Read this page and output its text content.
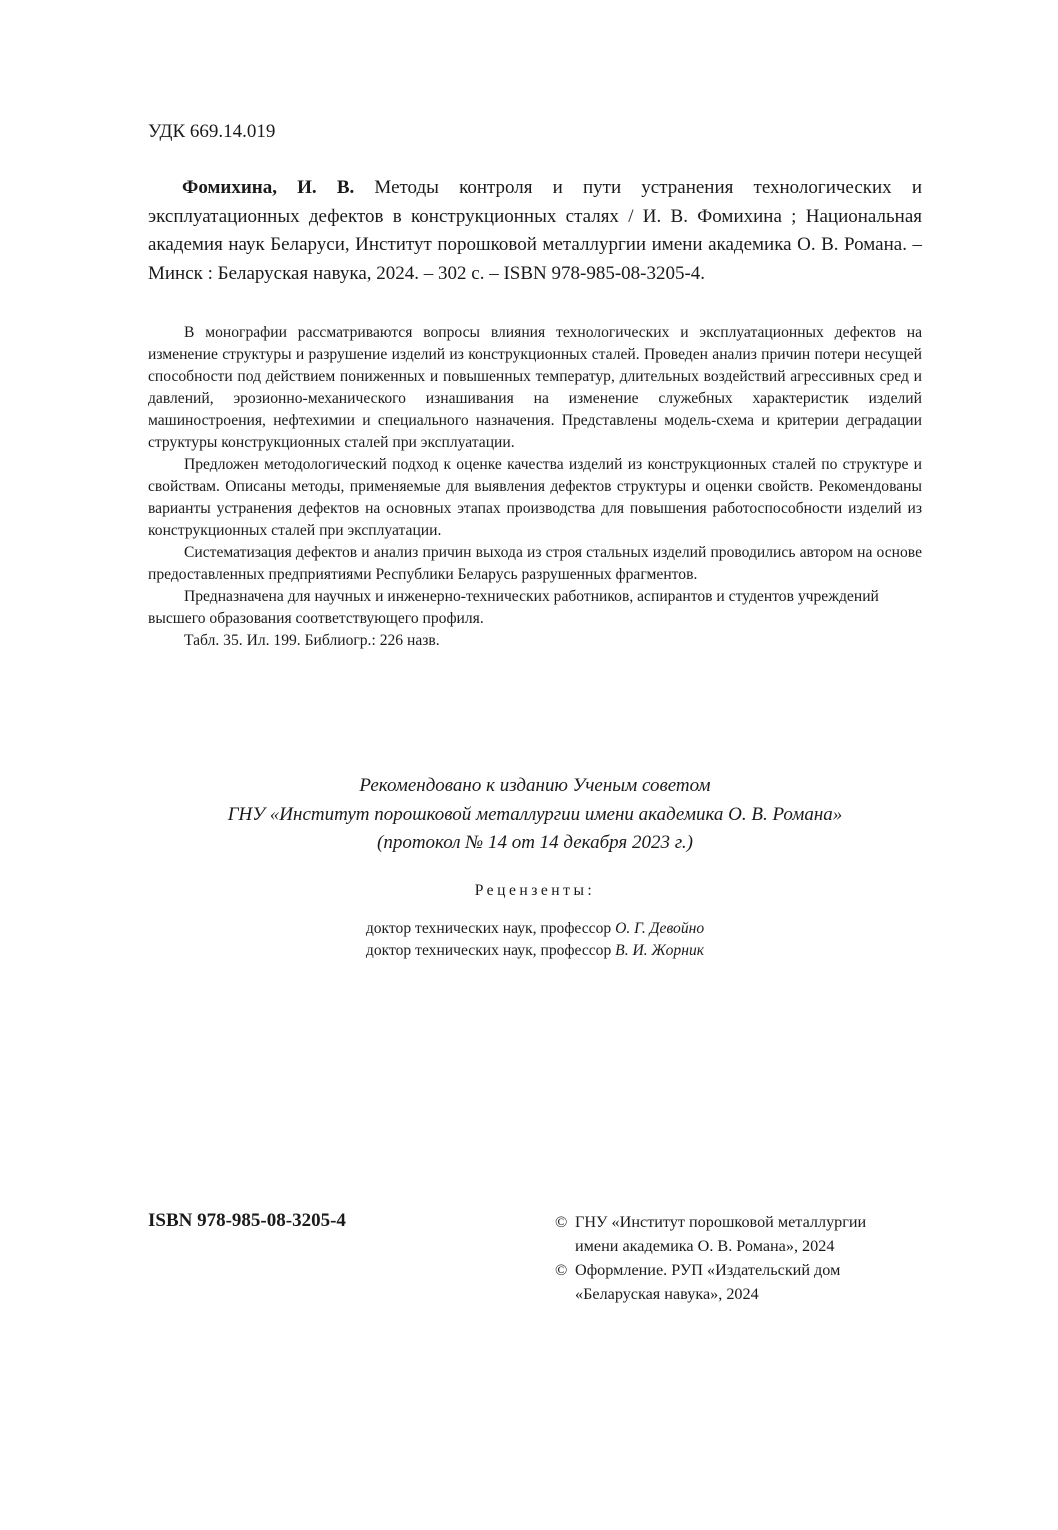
УДК 669.14.019
Фомихина, И. В. Методы контроля и пути устранения технологических и эксплуатационных дефектов в конструкционных сталях / И. В. Фомихина ; Национальная академия наук Беларуси, Институт порошковой металлургии имени академика О. В. Романа. – Минск : Беларуская навука, 2024. – 302 с. – ISBN 978-985-08-3205-4.

В монографии рассматриваются вопросы влияния технологических и эксплуатационных дефектов на изменение структуры и разрушение изделий из конструкционных сталей. Проведен анализ причин потери несущей способности под действием пониженных и повышенных температур, длительных воздействий агрессивных сред и давлений, эрозионно-механического изнашивания на изменение служебных характеристик изделий машиностроения, нефтехимии и специального назначения. Представлены модель-схема и критерии деградации структуры конструкционных сталей при эксплуатации.

Предложен методологический подход к оценке качества изделий из конструкционных сталей по структуре и свойствам. Описаны методы, применяемые для выявления дефектов структуры и оценки свойств. Рекомендованы варианты устранения дефектов на основных этапах производства для повышения работоспособности изделий из конструкционных сталей при эксплуатации.

Систематизация дефектов и анализ причин выхода из строя стальных изделий проводились автором на основе предоставленных предприятиями Республики Беларусь разрушенных фрагментов.

Предназначена для научных и инженерно-технических работников, аспирантов и студентов учреждений высшего образования соответствующего профиля.

Табл. 35. Ил. 199. Библиогр.: 226 назв.

Рекомендовано к изданию Ученым советом
ГНУ «Институт порошковой металлургии имени академика О. В. Романа»
(протокол № 14 от 14 декабря 2023 г.)
Рецензенты:
доктор технических наук, профессор О. Г. Девойно
доктор технических наук, профессор В. И. Жорник
ISBN 978-985-08-3205-4	© ГНУ «Институт порошковой металлургии
имени академика О. В. Романа», 2024
© Оформление. РУП «Издательский дом
«Беларуская навука», 2024
